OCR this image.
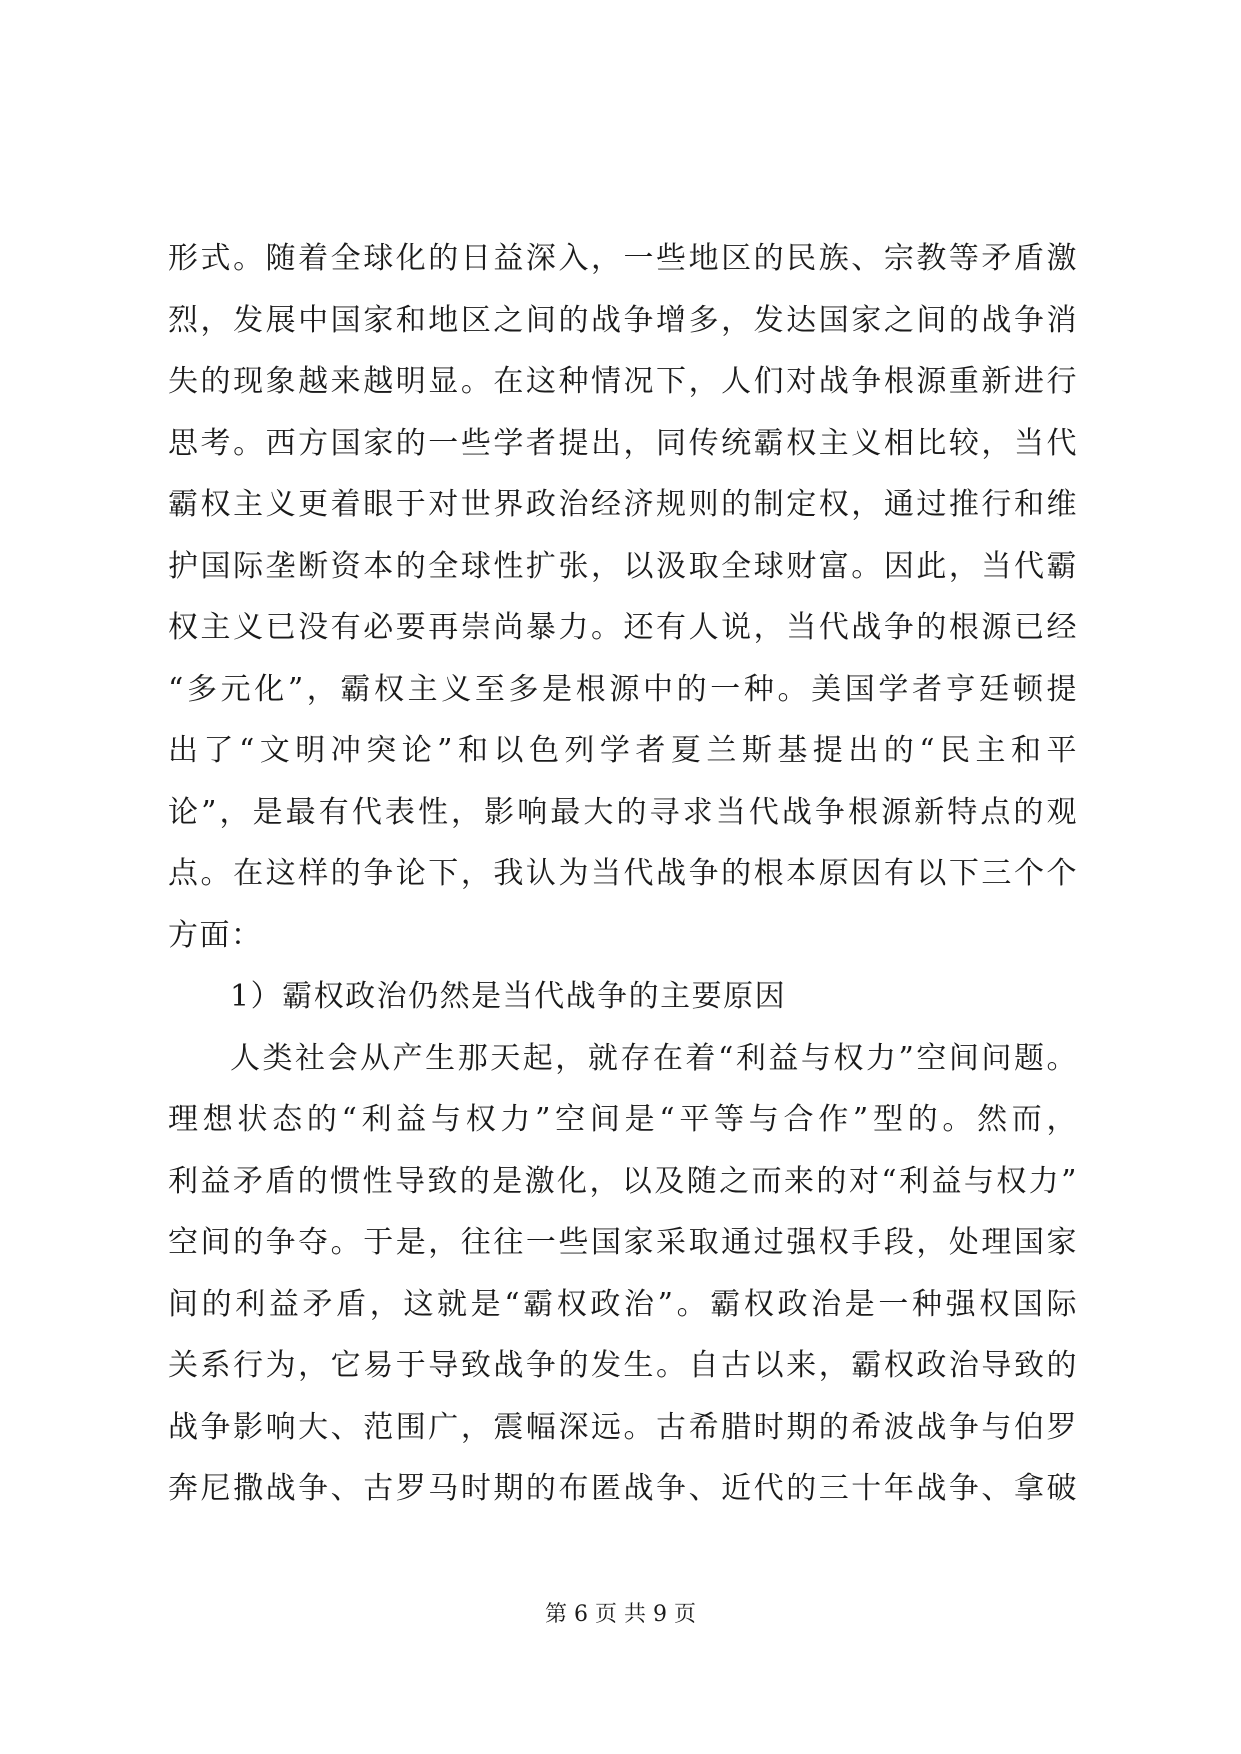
形式。随着全球化的日益深入，一些地区的民族、宗教等矛盾激
烈，发展中国家和地区之间的战争增多，发达国家之间的战争消
失的现象越来越明显。在这种情况下，人们对战争根源重新进行
思考。西方国家的一些学者提出，同传统霸权主义相比较，当代
霸权主义更着眼于对世界政治经济规则的制定权，通过推行和维
护国际垄断资本的全球性扩张，以汲取全球财富。因此，当代霸
权主义已没有必要再崇尚暴力。还有人说，当代战争的根源已经
“多元化”，霸权主义至多是根源中的一种。美国学者亨廷顿提
出了“文明冲突论”和以色列学者夏兰斯基提出的“民主和平
论”，是最有代表性，影响最大的寻求当代战争根源新特点的观
点。在这样的争论下，我认为当代战争的根本原因有以下三个个
方面：
1）霸权政治仍然是当代战争的主要原因
人类社会从产生那天起，就存在着“利益与权力”空间问题。
理想状态的“利益与权力”空间是“平等与合作”型的。然而，
利益矛盾的惯性导致的是激化，以及随之而来的对“利益与权力”
空间的争夺。于是，往往一些国家采取通过强权手段，处理国家
间的利益矛盾，这就是“霸权政治”。霸权政治是一种强权国际
关系行为，它易于导致战争的发生。自古以来，霸权政治导致的
战争影响大、范围广，震幅深远。古希腊时期的希波战争与伯罗
奔尼撒战争、古罗马时期的布匿战争、近代的三十年战争、拿破
第 6 页 共 9 页
